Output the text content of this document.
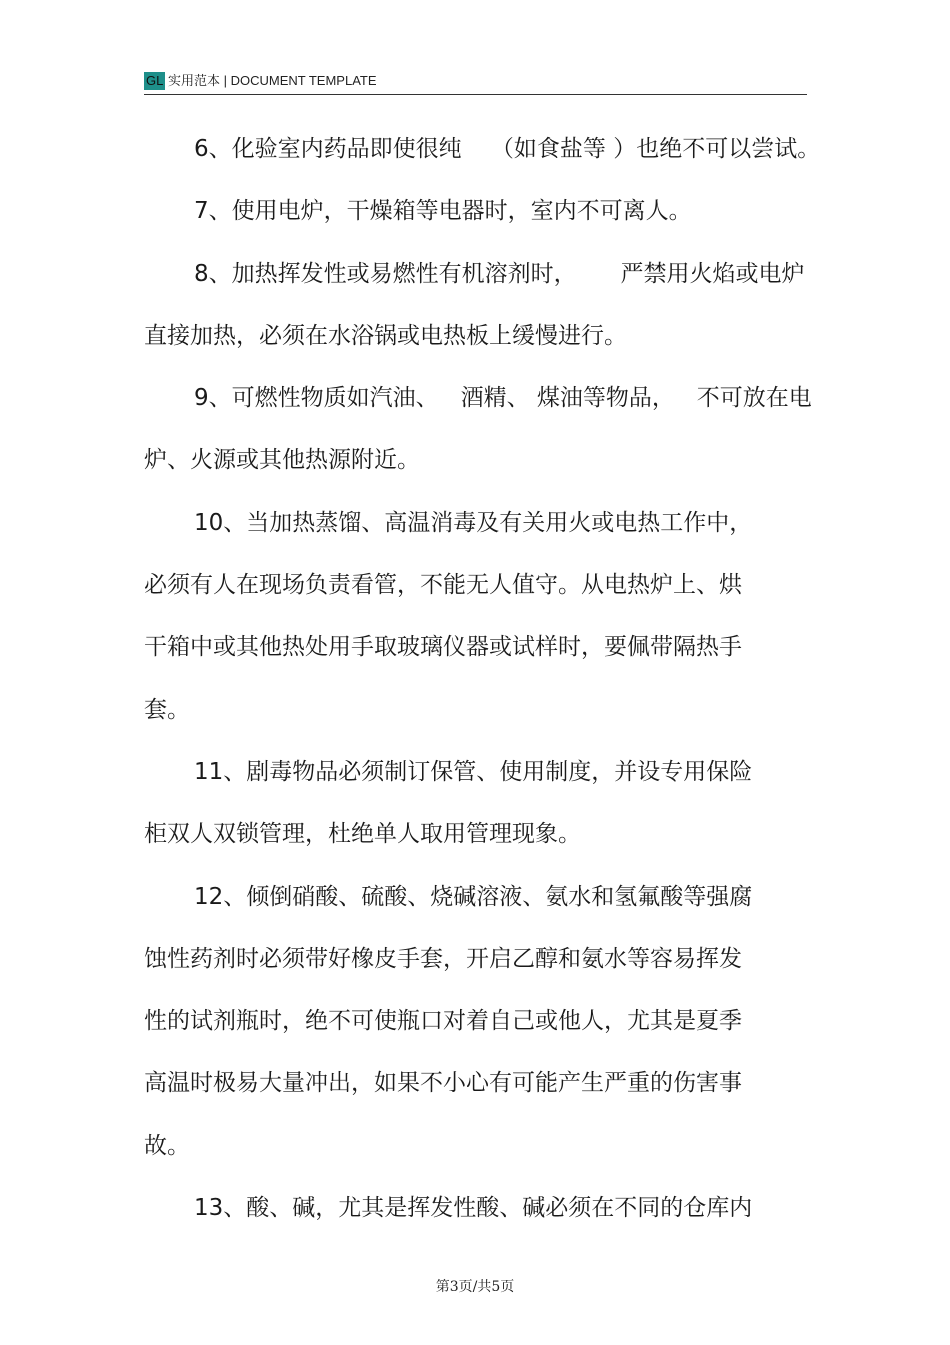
GL 实用范本 | DOCUMENT TEMPLATE
6、化验室内药品即使很纯    （如食盐等 ）也绝不可以尝试。
7、使用电炉，干燥箱等电器时，室内不可离人。
8、加热挥发性或易燃性有机溶剂时，      严禁用火焰或电炉
直接加热，必须在水浴锅或电热板上缓慢进行。
9、可燃性物质如汽油、   酒精、 煤油等物品，   不可放在电
炉、火源或其他热源附近。
10、当加热蒸馏、高温消毒及有关用火或电热工作中，
必须有人在现场负责看管，不能无人值守。从电热炉上、烘
干箱中或其他热处用手取玻璃仪器或试样时，要佩带隔热手
套。
11、剧毒物品必须制订保管、使用制度，并设专用保险
柜双人双锁管理，杜绝单人取用管理现象。
12、倾倒硝酸、硫酸、烧碱溶液、氨水和氢氟酸等强腐
蚀性药剂时必须带好橡皮手套，开启乙醇和氨水等容易挥发
性的试剂瓶时，绝不可使瓶口对着自己或他人，尤其是夏季
高温时极易大量冲出，如果不小心有可能产生严重的伤害事
故。
13、酸、碱，尤其是挥发性酸、碱必须在不同的仓库内
第3页/共5页
